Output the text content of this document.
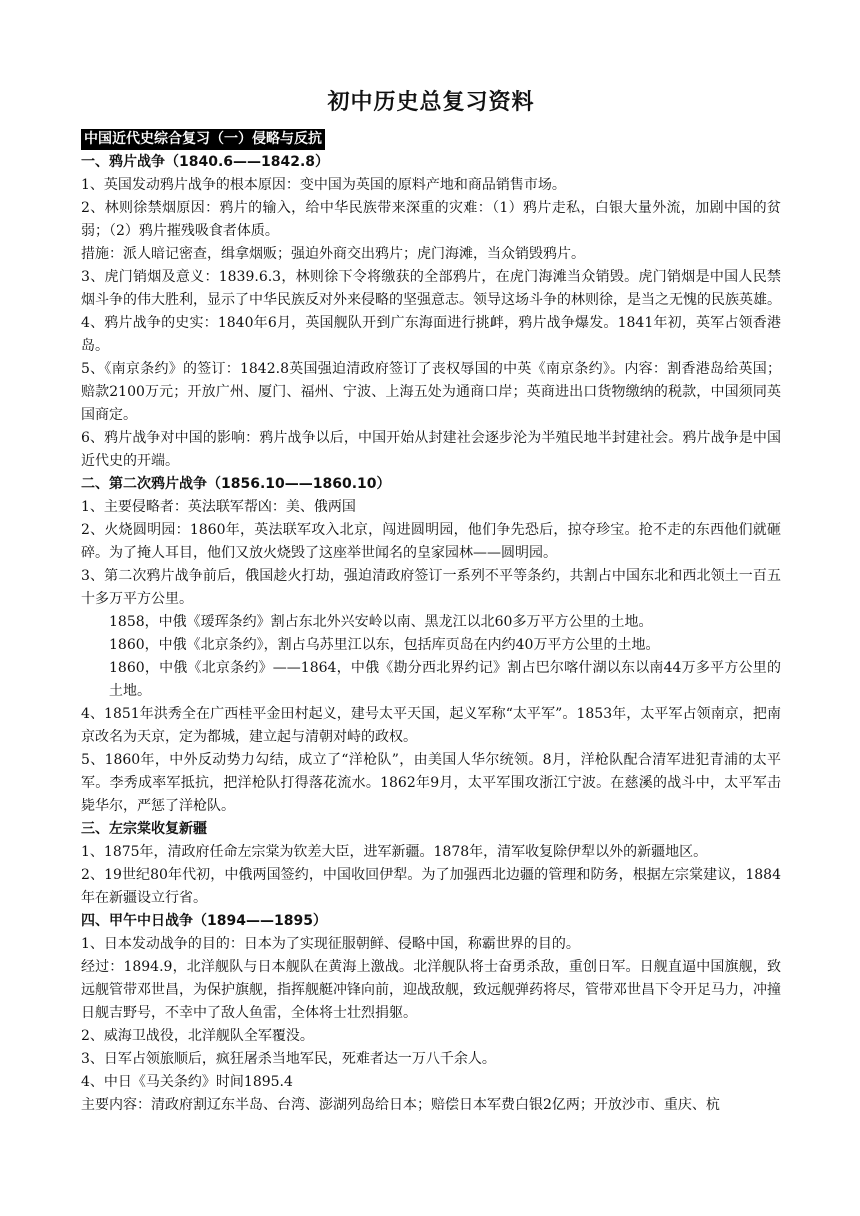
初中历史总复习资料
中国近代史综合复习（一）侵略与反抗

一、鸦片战争（1840.6——1842.8）

1、英国发动鸦片战争的根本原因：变中国为英国的原料产地和商品销售市场。

2、林则徐禁烟原因：鸦片的输入，给中华民族带来深重的灾难：（1）鸦片走私，白银大量外流，加剧中国的贫弱；（2）鸦片摧残吸食者体质。

措施：派人暗记密查，缉拿烟贩；强迫外商交出鸦片；虎门海滩，当众销毁鸦片。

3、虎门销烟及意义：1839.6.3，林则徐下令将缴获的全部鸦片，在虎门海滩当众销毁。虎门销烟是中国人民禁烟斗争的伟大胜利，显示了中华民族反对外来侵略的坚强意志。领导这场斗争的林则徐，是当之无愧的民族英雄。

4、鸦片战争的史实：1840年6月，英国舰队开到广东海面进行挑衅，鸦片战争爆发。1841年初，英军占领香港岛。

5、《南京条约》的签订：1842.8英国强迫清政府签订了丧权辱国的中英《南京条约》。内容：割香港岛给英国；赔款2100万元；开放广州、厦门、福州、宁波、上海五处为通商口岸；英商进出口货物缴纳的税款，中国须同英国商定。

6、鸦片战争对中国的影响：鸦片战争以后，中国开始从封建社会逐步沦为半殖民地半封建社会。鸦片战争是中国近代史的开端。

二、第二次鸦片战争（1856.10——1860.10）

1、主要侵略者：英法联军帮凶：美、俄两国

2、火烧圆明园：1860年，英法联军攻入北京，闯进圆明园，他们争先恐后，掠夺珍宝。抢不走的东西他们就砸碎。为了掩人耳目，他们又放火烧毁了这座举世闻名的皇家园林——圆明园。

3、第二次鸦片战争前后，俄国趁火打劫，强迫清政府签订一系列不平等条约，共割占中国东北和西北领土一百五十多万平方公里。

1858，中俄《瑷珲条约》割占东北外兴安岭以南、黑龙江以北60多万平方公里的土地。

1860，中俄《北京条约》，割占乌苏里江以东，包括库页岛在内约40万平方公里的土地。

1860，中俄《北京条约》——1864，中俄《勘分西北界约记》割占巴尔喀什湖以东以南44万多平方公里的土地。

4、1851年洪秀全在广西桂平金田村起义，建号太平天国，起义军称“太平军”。1853年，太平军占领南京，把南京改名为天京，定为都城，建立起与清朝对峙的政权。

5、1860年，中外反动势力勾结，成立了“洋枪队”，由美国人华尔统领。8月，洋枪队配合清军进犯青浦的太平军。李秀成率军抵抗，把洋枪队打得落花流水。1862年9月，太平军围攻浙江宁波。在慈溪的战斗中，太平军击毙华尔，严惩了洋枪队。

三、左宗棠收复新疆

1、1875年，清政府任命左宗棠为钦差大臣，进军新疆。1878年，清军收复除伊犁以外的新疆地区。

2、19世纪80年代初，中俄两国签约，中国收回伊犁。为了加强西北边疆的管理和防务，根据左宗棠建议，1884年在新疆设立行省。

四、甲午中日战争（1894——1895）

1、日本发动战争的目的：日本为了实现征服朝鲜、侵略中国，称霸世界的目的。

经过：1894.9，北洋舰队与日本舰队在黄海上激战。北洋舰队将士奋勇杀敌，重创日军。日舰直逼中国旗舰，致远舰管带邓世昌，为保护旗舰，指挥舰艇冲锋向前，迎战敌舰，致远舰弹药将尽，管带邓世昌下令开足马力，冲撞日舰吉野号，不幸中了敌人鱼雷，全体将士壮烈捐躯。

2、威海卫战役，北洋舰队全军覆没。

3、日军占领旅顺后，疯狂屠杀当地军民，死难者达一万八千余人。

4、中日《马关条约》时间1895.4

主要内容：清政府割辽东半岛、台湾、澎湖列岛给日本；赔偿日本军费白银2亿两；开放沙市、重庆、杭
